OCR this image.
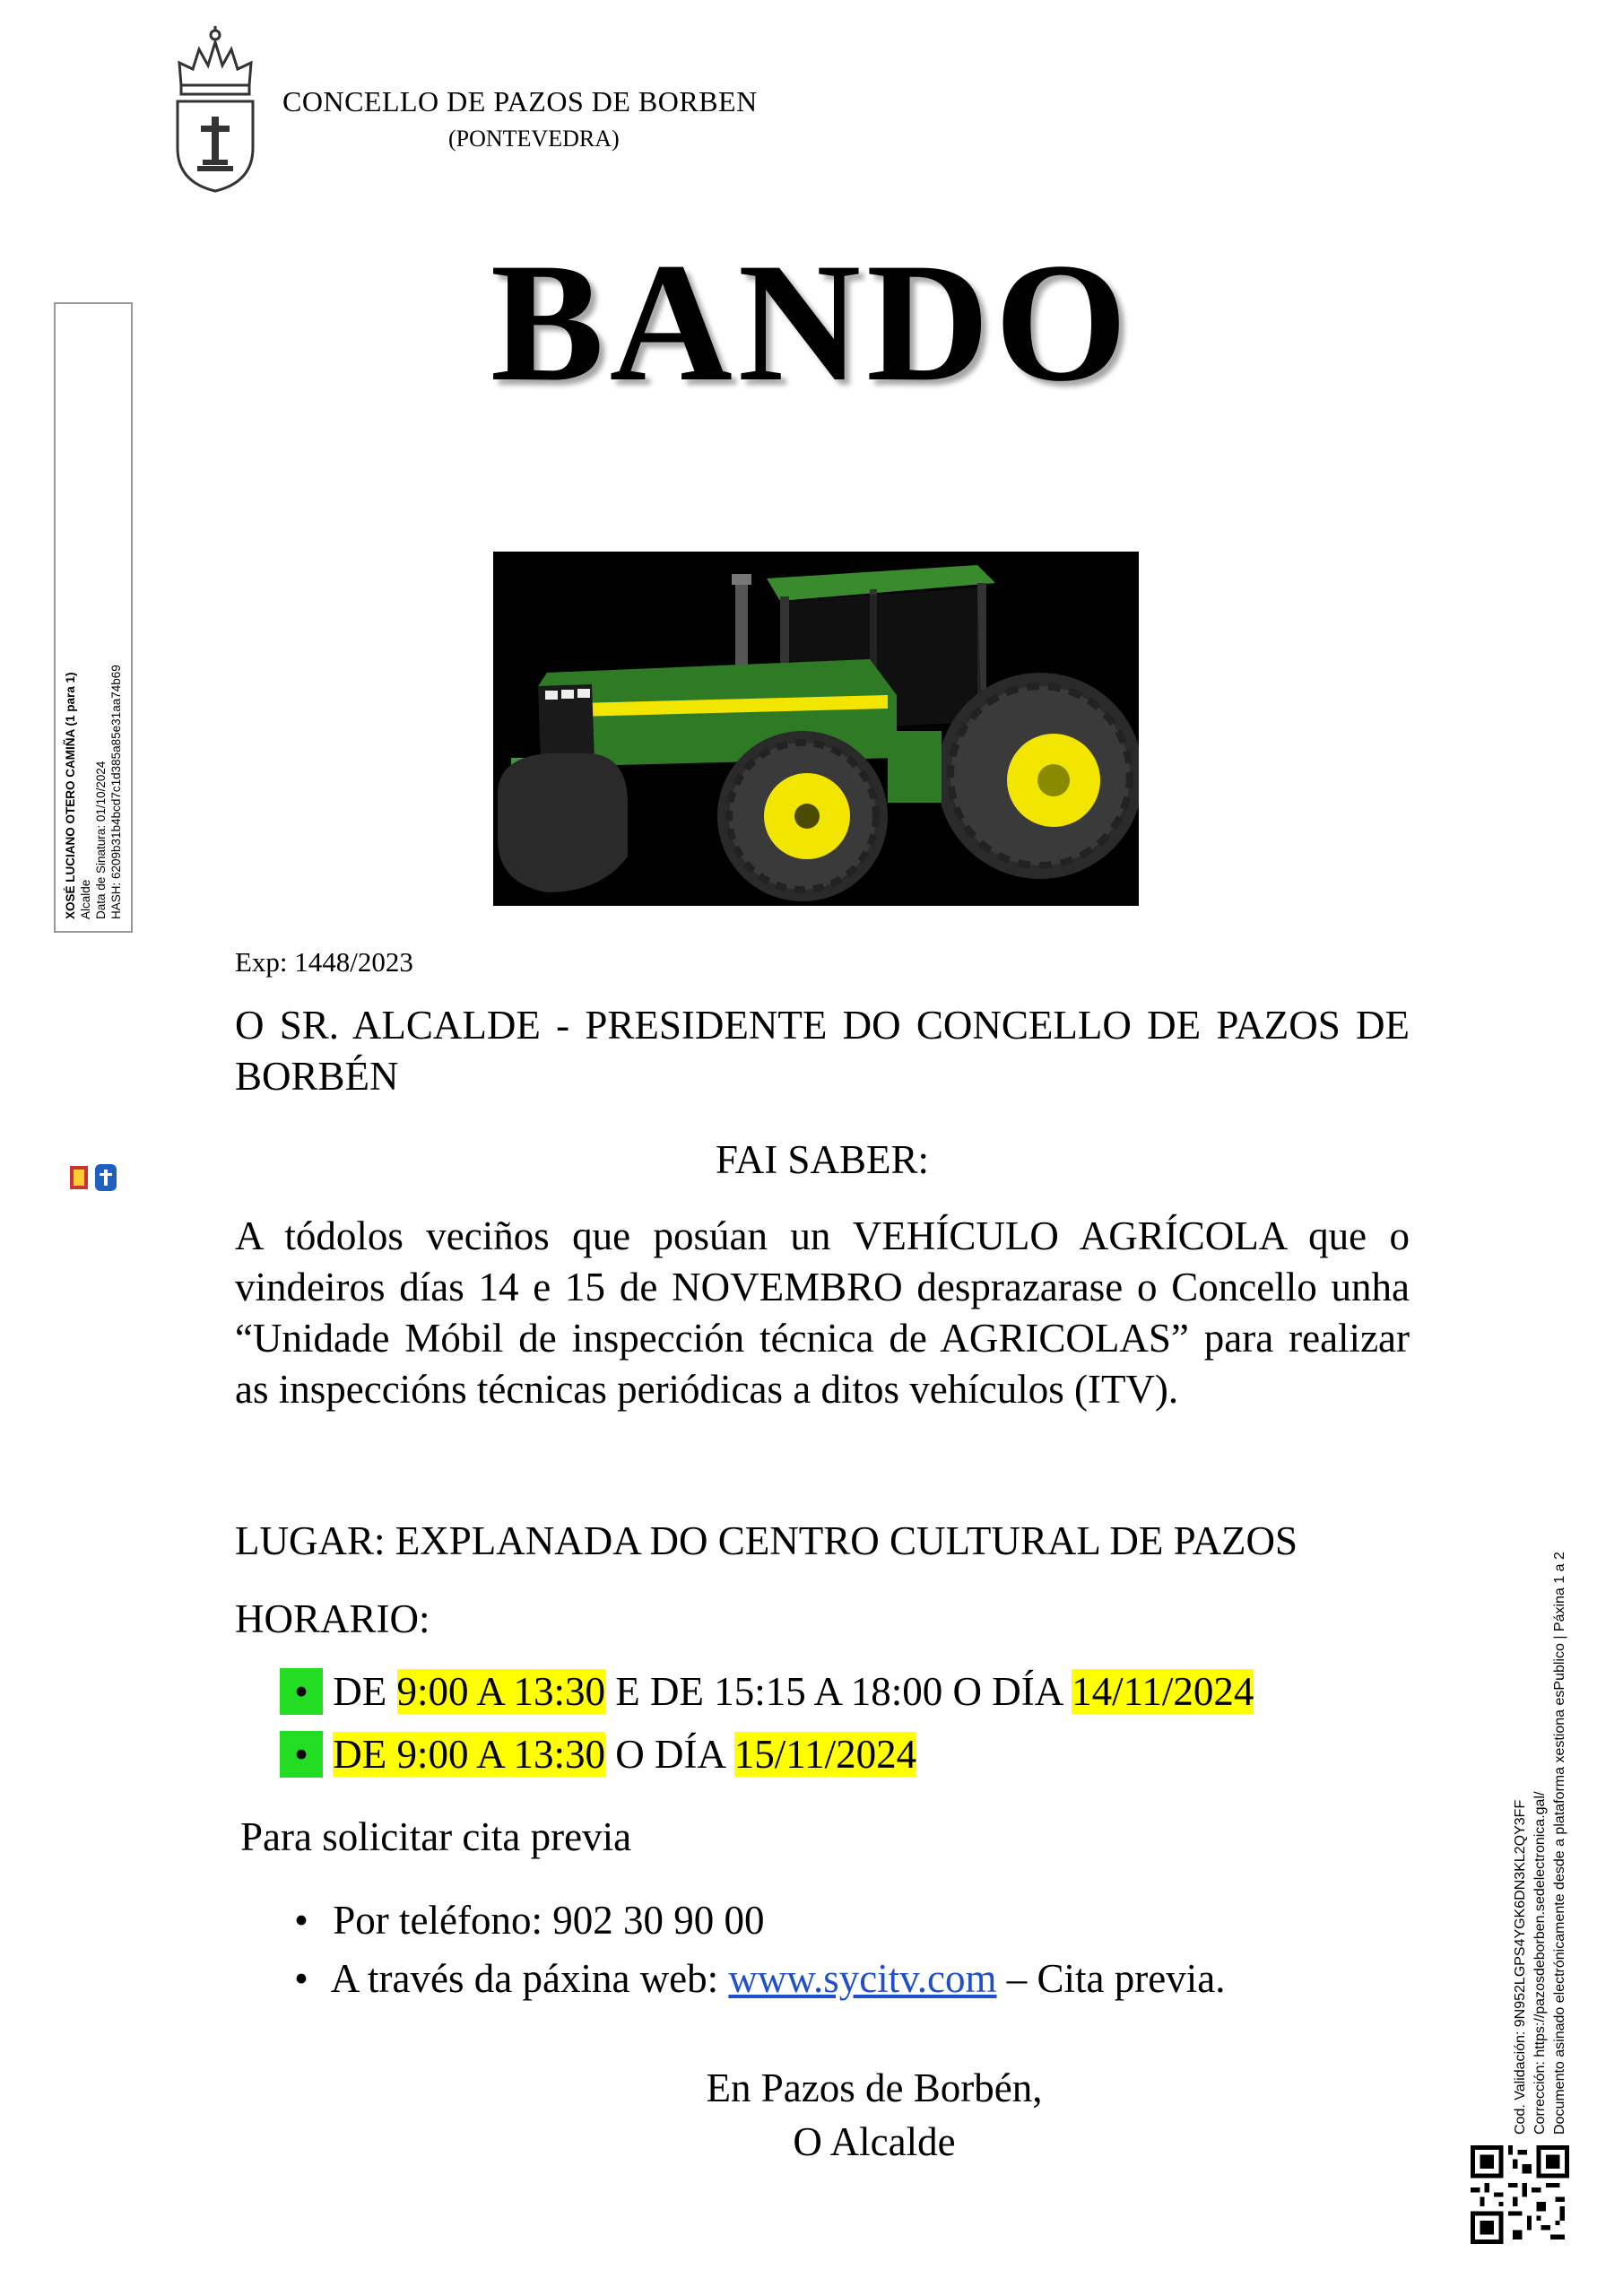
CONCELLO DE PAZOS DE BORBEN
(PONTEVEDRA)
BANDO
XOSÉ LUCIANO OTERO CAMIÑA (1 para 1) Alcalde Data de Sinatura: 01/10/2024 HASH: 6209b31b4bcd7c1d385a85e31aa74b69
Exp: 1448/2023
O SR. ALCALDE - PRESIDENTE DO CONCELLO DE PAZOS DE BORBÉN
FAI SABER:
A tódolos veciños que posúan un VEHÍCULO AGRÍCOLA que o vindeiros días 14 e 15 de NOVEMBRO desprazarase o Concello unha “Unidade Móbil de inspección técnica de AGRICOLAS” para realizar as inspeccións técnicas periódicas a ditos vehículos (ITV).
LUGAR: EXPLANADA DO CENTRO CULTURAL DE PAZOS
HORARIO:
• DE 9:00 A 13:30 E DE 15:15 A 18:00 O DÍA 14/11/2024
• DE 9:00 A 13:30 O DÍA 15/11/2024
Para solicitar cita previa
• Por teléfono: 902 30 90 00
• A través da páxina web: www.sycitv.com – Cita previa.
En Pazos de Borbén,
O Alcalde
Cod. Validación: 9N952LGPS4YGK6DN3KL2QY3FF Corrección: https://pazosdeborben.sedelectronica.gal/ Documento asinado electrónicamente desde a plataforma xestiona esPublico | Páxina 1 a 2
